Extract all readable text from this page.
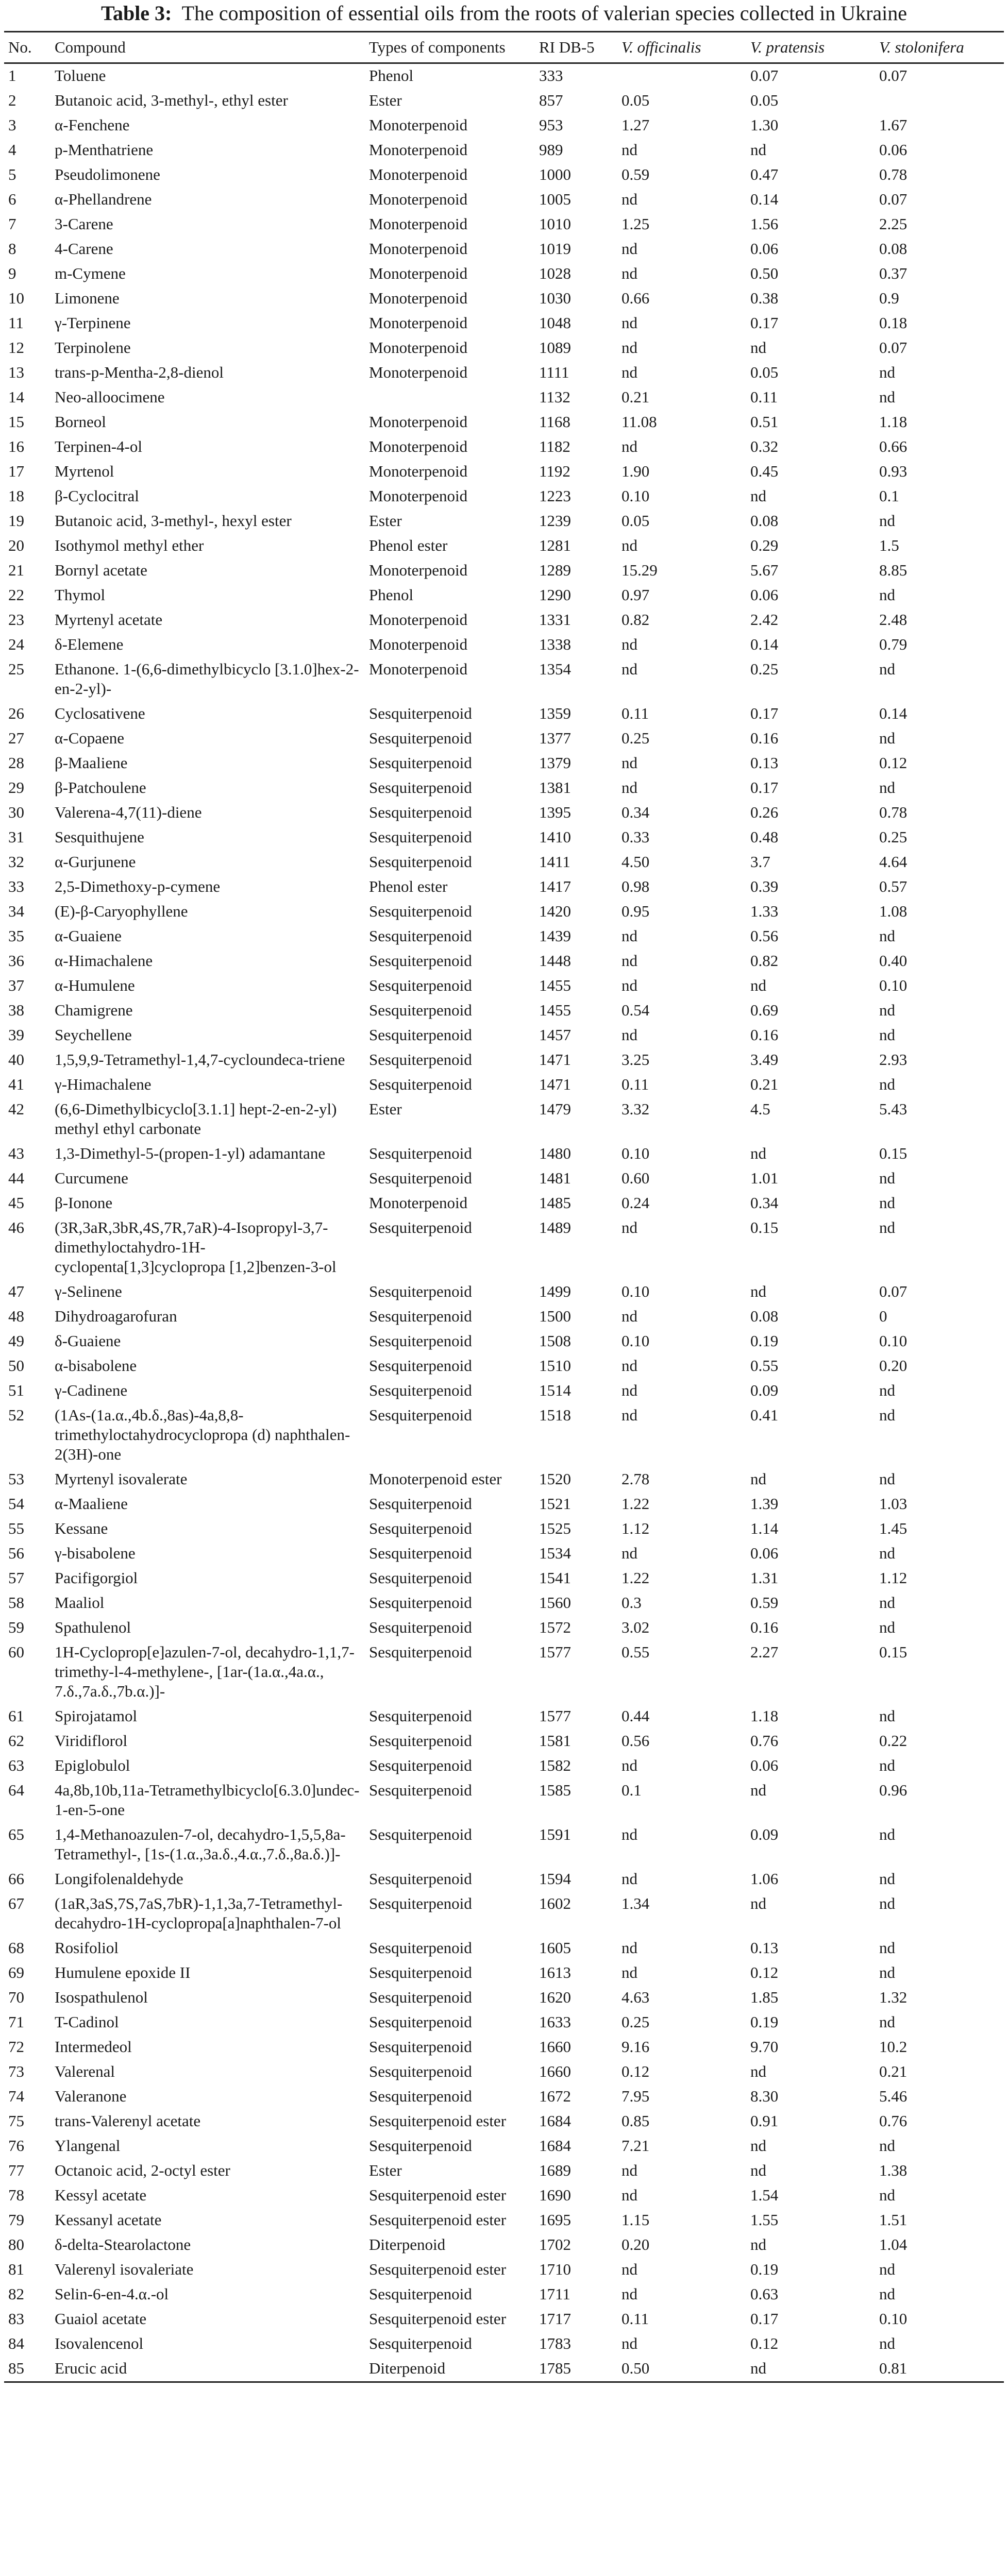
Table 3: The composition of essential oils from the roots of valerian species collected in Ukraine
No.	Compound	Types of components	RI DB-5	V. officinalis	V. pratensis	V. stolonifera
1	Toluene	Phenol	333		0.07	0.07
2	Butanoic acid, 3-methyl-, ethyl ester	Ester	857	0.05	0.05	
3	α-Fenchene	Monoterpenoid	953	1.27	1.30	1.67
4	p-Menthatriene	Monoterpenoid	989	nd	nd	0.06
5	Pseudolimonene	Monoterpenoid	1000	0.59	0.47	0.78
6	α-Phellandrene	Monoterpenoid	1005	nd	0.14	0.07
7	3-Carene	Monoterpenoid	1010	1.25	1.56	2.25
8	4-Carene	Monoterpenoid	1019	nd	0.06	0.08
9	m-Cymene	Monoterpenoid	1028	nd	0.50	0.37
10	Limonene	Monoterpenoid	1030	0.66	0.38	0.9
11	γ-Terpinene	Monoterpenoid	1048	nd	0.17	0.18
12	Terpinolene	Monoterpenoid	1089	nd	nd	0.07
13	trans-p-Mentha-2,8-dienol	Monoterpenoid	1111	nd	0.05	nd
14	Neo-alloocimene		1132	0.21	0.11	nd
15	Borneol	Monoterpenoid	1168	11.08	0.51	1.18
16	Terpinen-4-ol	Monoterpenoid	1182	nd	0.32	0.66
17	Myrtenol	Monoterpenoid	1192	1.90	0.45	0.93
18	β-Cyclocitral	Monoterpenoid	1223	0.10	nd	0.1
19	Butanoic acid, 3-methyl-, hexyl ester	Ester	1239	0.05	0.08	nd
20	Isothymol methyl ether	Phenol ester	1281	nd	0.29	1.5
21	Bornyl acetate	Monoterpenoid	1289	15.29	5.67	8.85
22	Thymol	Phenol	1290	0.97	0.06	nd
23	Myrtenyl acetate	Monoterpenoid	1331	0.82	2.42	2.48
24	δ-Elemene	Monoterpenoid	1338	nd	0.14	0.79
25	Ethanone. 1-(6,6-dimethylbicyclo [3.1.0]hex-2-en-2-yl)-	Monoterpenoid	1354	nd	0.25	nd
26	Cyclosativene	Sesquiterpenoid	1359	0.11	0.17	0.14
27	α-Copaene	Sesquiterpenoid	1377	0.25	0.16	nd
28	β-Maaliene	Sesquiterpenoid	1379	nd	0.13	0.12
29	β-Patchoulene	Sesquiterpenoid	1381	nd	0.17	nd
30	Valerena-4,7(11)-diene	Sesquiterpenoid	1395	0.34	0.26	0.78
31	Sesquithujene	Sesquiterpenoid	1410	0.33	0.48	0.25
32	α-Gurjunene	Sesquiterpenoid	1411	4.50	3.7	4.64
33	2,5-Dimethoxy-p-cymene	Phenol ester	1417	0.98	0.39	0.57
34	(E)-β-Caryophyllene	Sesquiterpenoid	1420	0.95	1.33	1.08
35	α-Guaiene	Sesquiterpenoid	1439	nd	0.56	nd
36	α-Himachalene	Sesquiterpenoid	1448	nd	0.82	0.40
37	α-Humulene	Sesquiterpenoid	1455	nd	nd	0.10
38	Chamigrene	Sesquiterpenoid	1455	0.54	0.69	nd
39	Seychellene	Sesquiterpenoid	1457	nd	0.16	nd
40	1,5,9,9-Tetramethyl-1,4,7-cycloundeca-triene	Sesquiterpenoid	1471	3.25	3.49	2.93
41	γ-Himachalene	Sesquiterpenoid	1471	0.11	0.21	nd
42	(6,6-Dimethylbicyclo[3.1.1] hept-2-en-2-yl) methyl ethyl carbonate	Ester	1479	3.32	4.5	5.43
43	1,3-Dimethyl-5-(propen-1-yl) adamantane	Sesquiterpenoid	1480	0.10	nd	0.15
44	Curcumene	Sesquiterpenoid	1481	0.60	1.01	nd
45	β-Ionone	Monoterpenoid	1485	0.24	0.34	nd
46	(3R,3aR,3bR,4S,7R,7aR)-4-Isopropyl-3,7-dimethyloctahydro-1H-cyclopenta[1,3]cyclopropa [1,2]benzen-3-ol	Sesquiterpenoid	1489	nd	0.15	nd
47	γ-Selinene	Sesquiterpenoid	1499	0.10	nd	0.07
48	Dihydroagarofuran	Sesquiterpenoid	1500	nd	0.08	0
49	δ-Guaiene	Sesquiterpenoid	1508	0.10	0.19	0.10
50	α-bisabolene	Sesquiterpenoid	1510	nd	0.55	0.20
51	γ-Cadinene	Sesquiterpenoid	1514	nd	0.09	nd
52	(1As-(1a.α.,4b.δ.,8as)-4a,8,8-trimethyloctahydrocyclopropa (d) naphthalen-2(3H)-one	Sesquiterpenoid	1518	nd	0.41	nd
53	Myrtenyl isovalerate	Monoterpenoid ester	1520	2.78	nd	nd
54	α-Maaliene	Sesquiterpenoid	1521	1.22	1.39	1.03
55	Kessane	Sesquiterpenoid	1525	1.12	1.14	1.45
56	γ-bisabolene	Sesquiterpenoid	1534	nd	0.06	nd
57	Pacifigorgiol	Sesquiterpenoid	1541	1.22	1.31	1.12
58	Maaliol	Sesquiterpenoid	1560	0.3	0.59	nd
59	Spathulenol	Sesquiterpenoid	1572	3.02	0.16	nd
60	1H-Cycloprop[e]azulen-7-ol, decahydro-1,1,7-trimethy-l-4-methylene-, [1ar-(1a.α.,4a.α., 7.δ.,7a.δ.,7b.α.)]-	Sesquiterpenoid	1577	0.55	2.27	0.15
61	Spirojatamol	Sesquiterpenoid	1577	0.44	1.18	nd
62	Viridiflorol	Sesquiterpenoid	1581	0.56	0.76	0.22
63	Epiglobulol	Sesquiterpenoid	1582	nd	0.06	nd
64	4a,8b,10b,11a-Tetramethylbicyclo[6.3.0]undec-1-en-5-one	Sesquiterpenoid	1585	0.1	nd	0.96
65	1,4-Methanoazulen-7-ol, decahydro-1,5,5,8a-Tetramethyl-, [1s-(1.α.,3a.δ.,4.α.,7.δ.,8a.δ.)]-	Sesquiterpenoid	1591	nd	0.09	nd
66	Longifolenaldehyde	Sesquiterpenoid	1594	nd	1.06	nd
67	(1aR,3aS,7S,7aS,7bR)-1,1,3a,7-Tetramethyl-decahydro-1H-cyclopropa[a]naphthalen-7-ol	Sesquiterpenoid	1602	1.34	nd	nd
68	Rosifoliol	Sesquiterpenoid	1605	nd	0.13	nd
69	Humulene epoxide II	Sesquiterpenoid	1613	nd	0.12	nd
70	Isospathulenol	Sesquiterpenoid	1620	4.63	1.85	1.32
71	T-Cadinol	Sesquiterpenoid	1633	0.25	0.19	nd
72	Intermedeol	Sesquiterpenoid	1660	9.16	9.70	10.2
73	Valerenal	Sesquiterpenoid	1660	0.12	nd	0.21
74	Valeranone	Sesquiterpenoid	1672	7.95	8.30	5.46
75	trans-Valerenyl acetate	Sesquiterpenoid ester	1684	0.85	0.91	0.76
76	Ylangenal	Sesquiterpenoid	1684	7.21	nd	nd
77	Octanoic acid, 2-octyl ester	Ester	1689	nd	nd	1.38
78	Kessyl acetate	Sesquiterpenoid ester	1690	nd	1.54	nd
79	Kessanyl acetate	Sesquiterpenoid ester	1695	1.15	1.55	1.51
80	δ-delta-Stearolactone	Diterpenoid	1702	0.20	nd	1.04
81	Valerenyl isovaleriate	Sesquiterpenoid ester	1710	nd	0.19	nd
82	Selin-6-en-4.α.-ol	Sesquiterpenoid	1711	nd	0.63	nd
83	Guaiol acetate	Sesquiterpenoid ester	1717	0.11	0.17	0.10
84	Isovalencenol	Sesquiterpenoid	1783	nd	0.12	nd
85	Erucic acid	Diterpenoid	1785	0.50	nd	0.81
